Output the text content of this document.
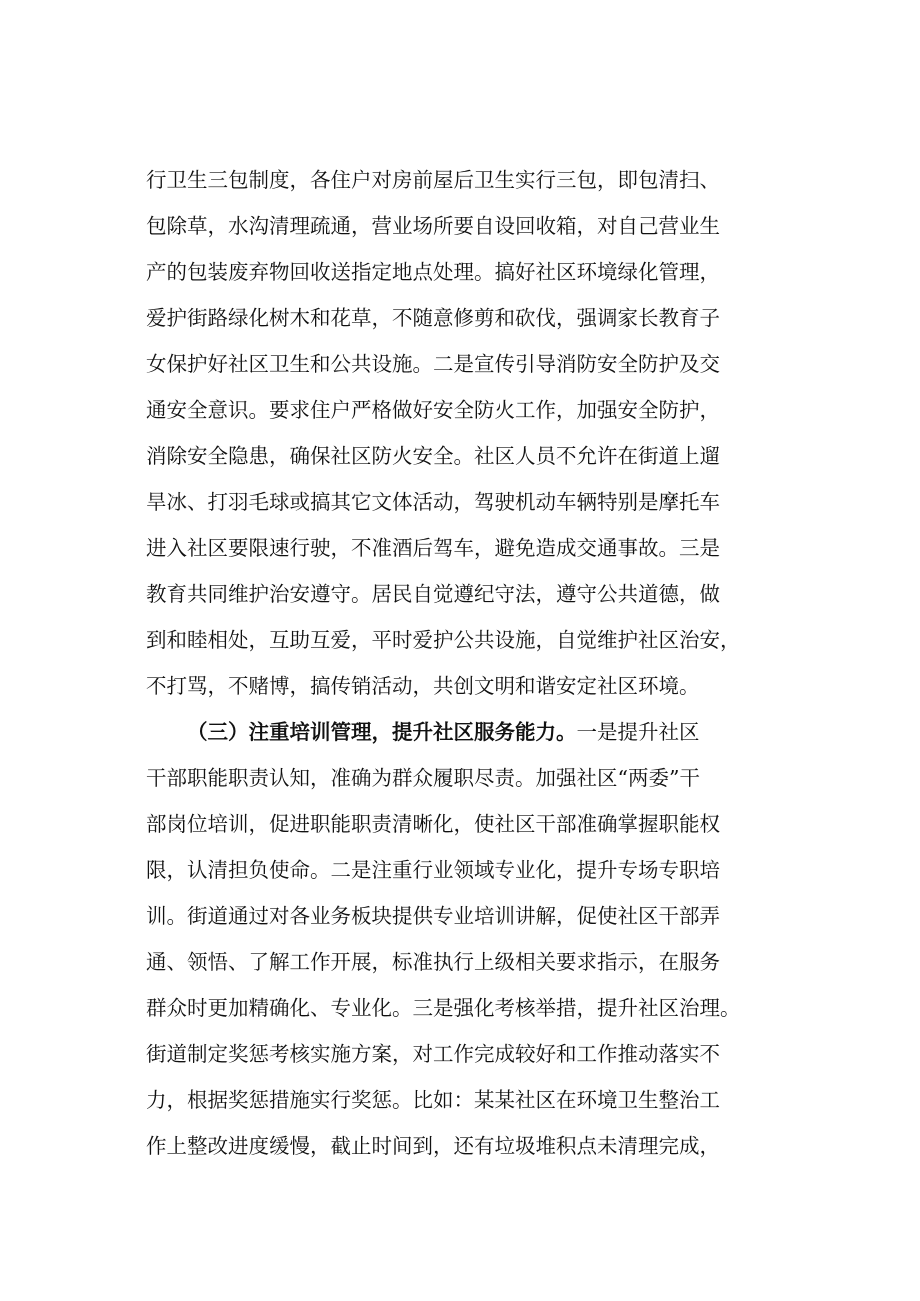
行卫生三包制度，各住户对房前屋后卫生实行三包，即包清扫、

包除草，水沟清理疏通，营业场所要自设回收箱，对自己营业生

产的包装废弃物回收送指定地点处理。搞好社区环境绿化管理，

爱护街路绿化树木和花草，不随意修剪和砍伐，强调家长教育子

女保护好社区卫生和公共设施。二是宣传引导消防安全防护及交

通安全意识。要求住户严格做好安全防火工作，加强安全防护，

消除安全隐患，确保社区防火安全。社区人员不允许在街道上遛

旱冰、打羽毛球或搞其它文体活动，驾驶机动车辆特别是摩托车

进入社区要限速行驶，不准酒后驾车，避免造成交通事故。三是

教育共同维护治安遵守。居民自觉遵纪守法，遵守公共道德，做

到和睦相处，互助互爱，平时爱护公共设施，自觉维护社区治安，

不打骂，不赌博，搞传销活动，共创文明和谐安定社区环境。

（三）注重培训管理，提升社区服务能力。一是提升社区

干部职能职责认知，准确为群众履职尽责。加强社区“两委”干

部岗位培训，促进职能职责清晰化，使社区干部准确掌握职能权

限，认清担负使命。二是注重行业领域专业化，提升专场专职培

训。街道通过对各业务板块提供专业培训讲解，促使社区干部弄

通、领悟、了解工作开展，标准执行上级相关要求指示，在服务

群众时更加精确化、专业化。三是强化考核举措，提升社区治理。

街道制定奖惩考核实施方案，对工作完成较好和工作推动落实不

力，根据奖惩措施实行奖惩。比如：某某社区在环境卫生整治工

作上整改进度缓慢，截止时间到，还有垃圾堆积点未清理完成，
